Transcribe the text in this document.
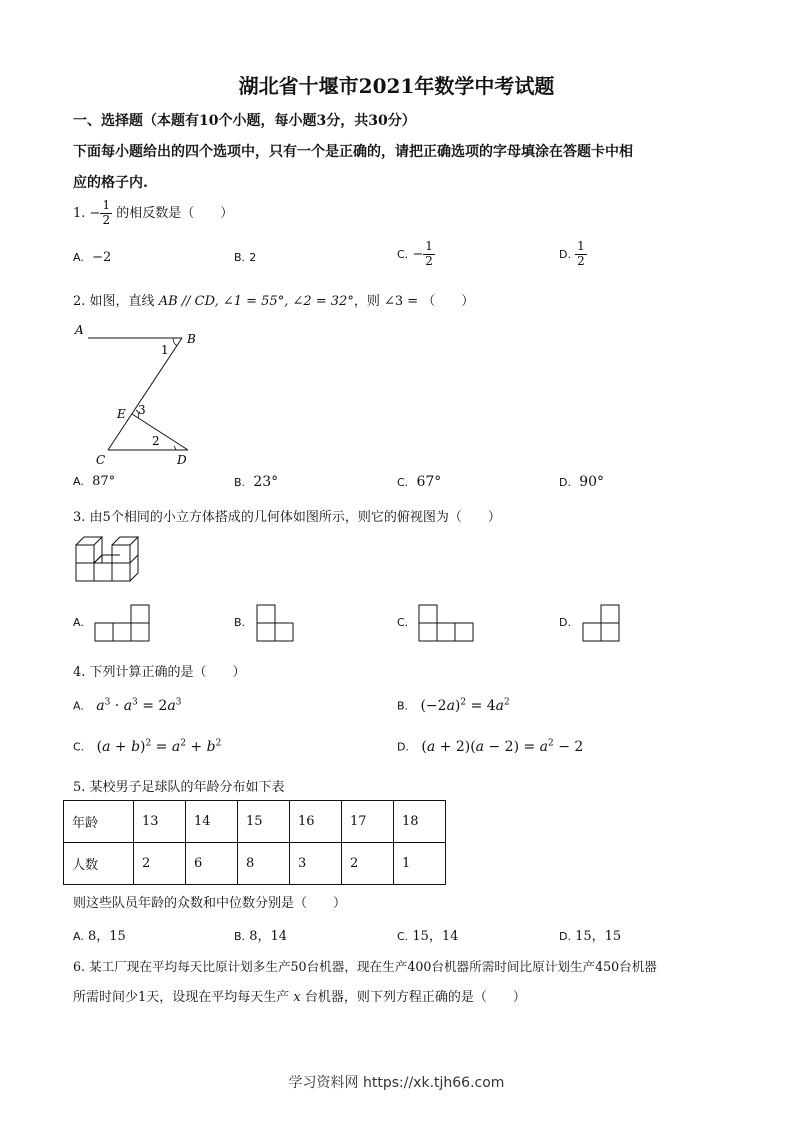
湖北省十堰市2021年数学中考试题
一、选择题（本题有10个小题，每小题3分，共30分）
下面每小题给出的四个选项中，只有一个是正确的，请把正确选项的字母填涂在答题卡中相
应的格子内.
1. − $\frac{1}{2}$ 的相反数是（　　）
A. −2	B. 2	C. − $\frac{1}{2}$	D. $\frac{1}{2}$
2. 如图，直线 AB // CD, ∠1 = 55°, ∠2 = 32°，则 ∠3 = （　　）
A
B
1
E 3
2
C	D
A. 87°	B. 23°	C. 67°	D. 90°
3. 由5个相同的小立方体搭成的几何体如图所示，则它的俯视图为（　　）
A.	B.	C.	D.
4. 下列计算正确的是（　　）
A. $a^3 \cdot a^3 = 2a^3$	B. $(-2a)^2 = 4a^2$
C. $(a + b)^2 = a^2 + b^2$	D. $(a + 2)(a - 2) = a^2 - 2$
5. 某校男子足球队的年龄分布如下表
年龄	13	14	15	16	17	18
人数	2	6	8	3	2	1
则这些队员年龄的众数和中位数分别是（　　）
A. 8，15	B. 8，14	C. 15，14	D. 15，15
6. 某工厂现在平均每天比原计划多生产50台机器，现在生产400台机器所需时间比原计划生产450台机器
所需时间少1天，设现在平均每天生产 x 台机器，则下列方程正确的是（　　）
学习资料网 https://xk.tjh66.com
